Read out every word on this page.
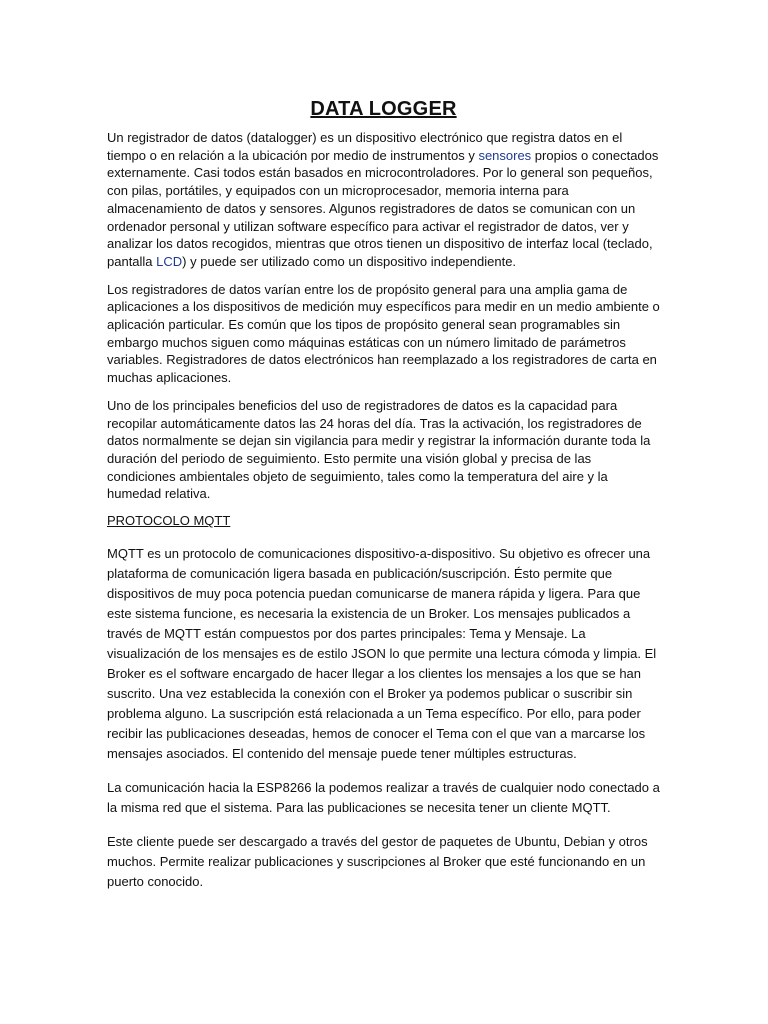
DATA LOGGER

Un registrador de datos (datalogger) es un dispositivo electrónico que registra datos en el tiempo o en relación a la ubicación por medio de instrumentos y sensores propios o conectados externamente. Casi todos están basados en microcontroladores. Por lo general son pequeños, con pilas, portátiles, y equipados con un microprocesador, memoria interna para almacenamiento de datos y sensores. Algunos registradores de datos se comunican con un ordenador personal y utilizan software específico para activar el registrador de datos, ver y analizar los datos recogidos, mientras que otros tienen un dispositivo de interfaz local (teclado, pantalla LCD) y puede ser utilizado como un dispositivo independiente.

Los registradores de datos varían entre los de propósito general para una amplia gama de aplicaciones a los dispositivos de medición muy específicos para medir en un medio ambiente o aplicación particular. Es común que los tipos de propósito general sean programables sin embargo muchos siguen como máquinas estáticas con un número limitado de parámetros variables. Registradores de datos electrónicos han reemplazado a los registradores de carta en muchas aplicaciones.

Uno de los principales beneficios del uso de registradores de datos es la capacidad para recopilar automáticamente datos las 24 horas del día. Tras la activación, los registradores de datos normalmente se dejan sin vigilancia para medir y registrar la información durante toda la duración del periodo de seguimiento. Esto permite una visión global y precisa de las condiciones ambientales objeto de seguimiento, tales como la temperatura del aire y la humedad relativa.

PROTOCOLO MQTT

MQTT es un protocolo de comunicaciones dispositivo-a-dispositivo. Su objetivo es ofrecer una plataforma de comunicación ligera basada en publicación/suscripción. Ésto permite que dispositivos de muy poca potencia puedan comunicarse de manera rápida y ligera. Para que este sistema funcione, es necesaria la existencia de un Broker. Los mensajes publicados a través de MQTT están compuestos por dos partes principales: Tema y Mensaje. La visualización de los mensajes es de estilo JSON lo que permite una lectura cómoda y limpia. El Broker es el software encargado de hacer llegar a los clientes los mensajes a los que se han suscrito. Una vez establecida la conexión con el Broker ya podemos publicar o suscribir sin problema alguno. La suscripción está relacionada a un Tema específico. Por ello, para poder recibir las publicaciones deseadas, hemos de conocer el Tema con el que van a marcarse los mensajes asociados. El contenido del mensaje puede tener múltiples estructuras.

La comunicación hacia la ESP8266 la podemos realizar a través de cualquier nodo conectado a la misma red que el sistema. Para las publicaciones se necesita tener un cliente MQTT.

Este cliente puede ser descargado a través del gestor de paquetes de Ubuntu, Debian y otros muchos. Permite realizar publicaciones y suscripciones al Broker que esté funcionando en un puerto conocido.
